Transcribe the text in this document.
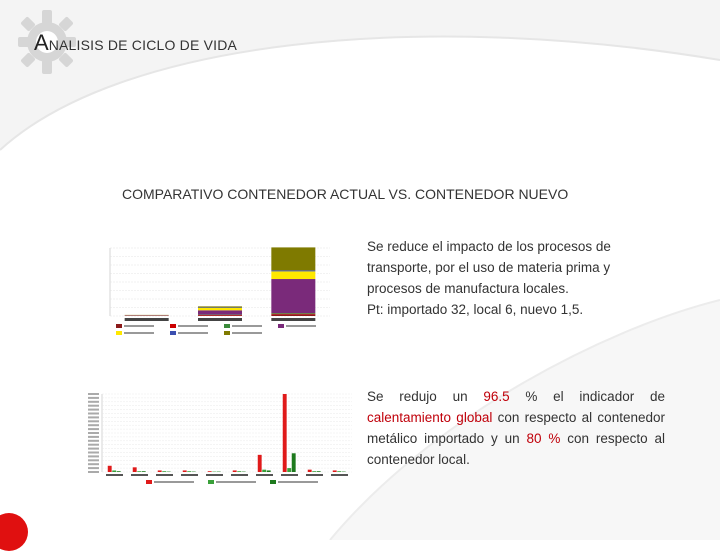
ANALISIS DE CICLO DE VIDA
COMPARATIVO CONTENEDOR ACTUAL VS. CONTENEDOR NUEVO

Se reduce el impacto de los procesos de

transporte, por el uso de materia prima y

procesos de manufactura locales.

Pt: importado 32, local 6, nuevo 1,5.

Se redujo un 96.5 % el indicador de calentamiento global con respecto al contenedor metálico importado y un 80 % con respecto al contenedor local.
